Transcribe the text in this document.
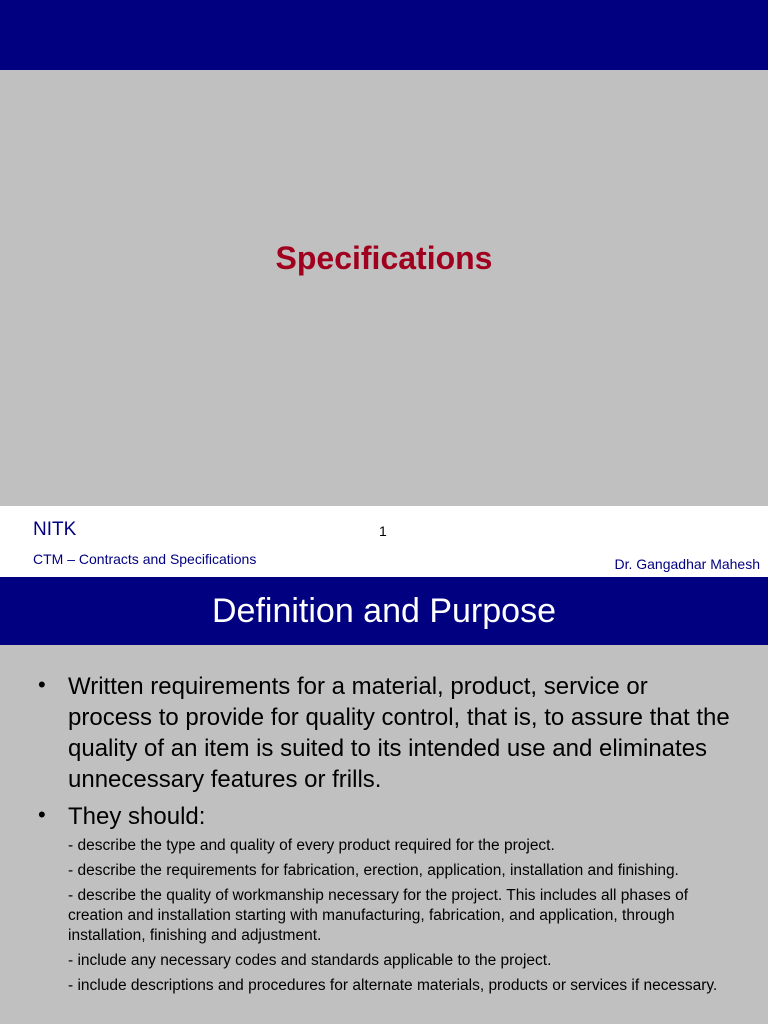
Specifications
NITK	1
CTM – Contracts and Specifications	Dr. Gangadhar Mahesh
Definition and Purpose
• Written requirements for a material, product, service or process to provide for quality control, that is, to assure that the quality of an item is suited to its intended use and eliminates unnecessary features or frills.
• They should:
- describe the type and quality of every product required for the project.
- describe the requirements for fabrication, erection, application, installation and finishing.
- describe the quality of workmanship necessary for the project. This includes all phases of creation and installation starting with manufacturing, fabrication, and application, through installation, finishing and adjustment.
- include any necessary codes and standards applicable to the project.
- include descriptions and procedures for alternate materials, products or services if necessary.
